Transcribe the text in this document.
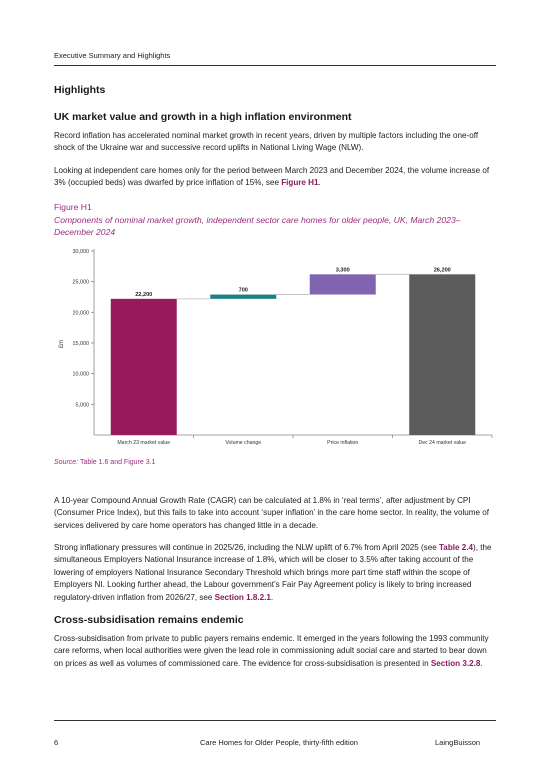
Executive Summary and Highlights
Highlights
UK market value and growth in a high inflation environment

Record inflation has accelerated nominal market growth in recent years, driven by multiple factors including the one-off shock of the Ukraine war and successive record uplifts in National Living Wage (NLW).

Looking at independent care homes only for the period between March 2023 and December 2024, the volume increase of 3% (occupied beds) was dwarfed by price inflation of 15%, see Figure H1.

Figure H1
Components of nominal market growth, independent sector care homes for older people, UK, March 2023–December 2024
5,000
10,000
15,000
20,000
25,000
30,000
£m
22,200
March 23 market value
700
Volume change
3,300
Price inflation
26,200
Dec 24 market value
Source: Table 1.6 and Figure 3.1

A 10-year Compound Annual Growth Rate (CAGR) can be calculated at 1.8% in ‘real terms’, after adjustment by CPI (Consumer Price Index), but this fails to take into account ‘super inflation’ in the care home sector. In reality, the volume of services delivered by care home operators has changed little in a decade.

Strong inflationary pressures will continue in 2025/26, including the NLW uplift of 6.7% from April 2025 (see Table 2.4), the simultaneous Employers National Insurance increase of 1.8%, which will be closer to 3.5% after taking account of the lowering of employers National Insurance Secondary Threshold which brings more part time staff within the scope of Employers NI. Looking further ahead, the Labour government’s Fair Pay Agreement policy is likely to bring increased regulatory-driven inflation from 2026/27, see Section 1.8.2.1.

Cross-subsidisation remains endemic

Cross-subsidisation from private to public payers remains endemic. It emerged in the years following the 1993 community care reforms, when local authorities were given the lead role in commissioning adult social care and started to bear down on prices as well as volumes of commissioned care. The evidence for cross-subsidisation is presented in Section 3.2.8.

6	Care Homes for Older People, thirty-fifth edition	LaingBuisson
